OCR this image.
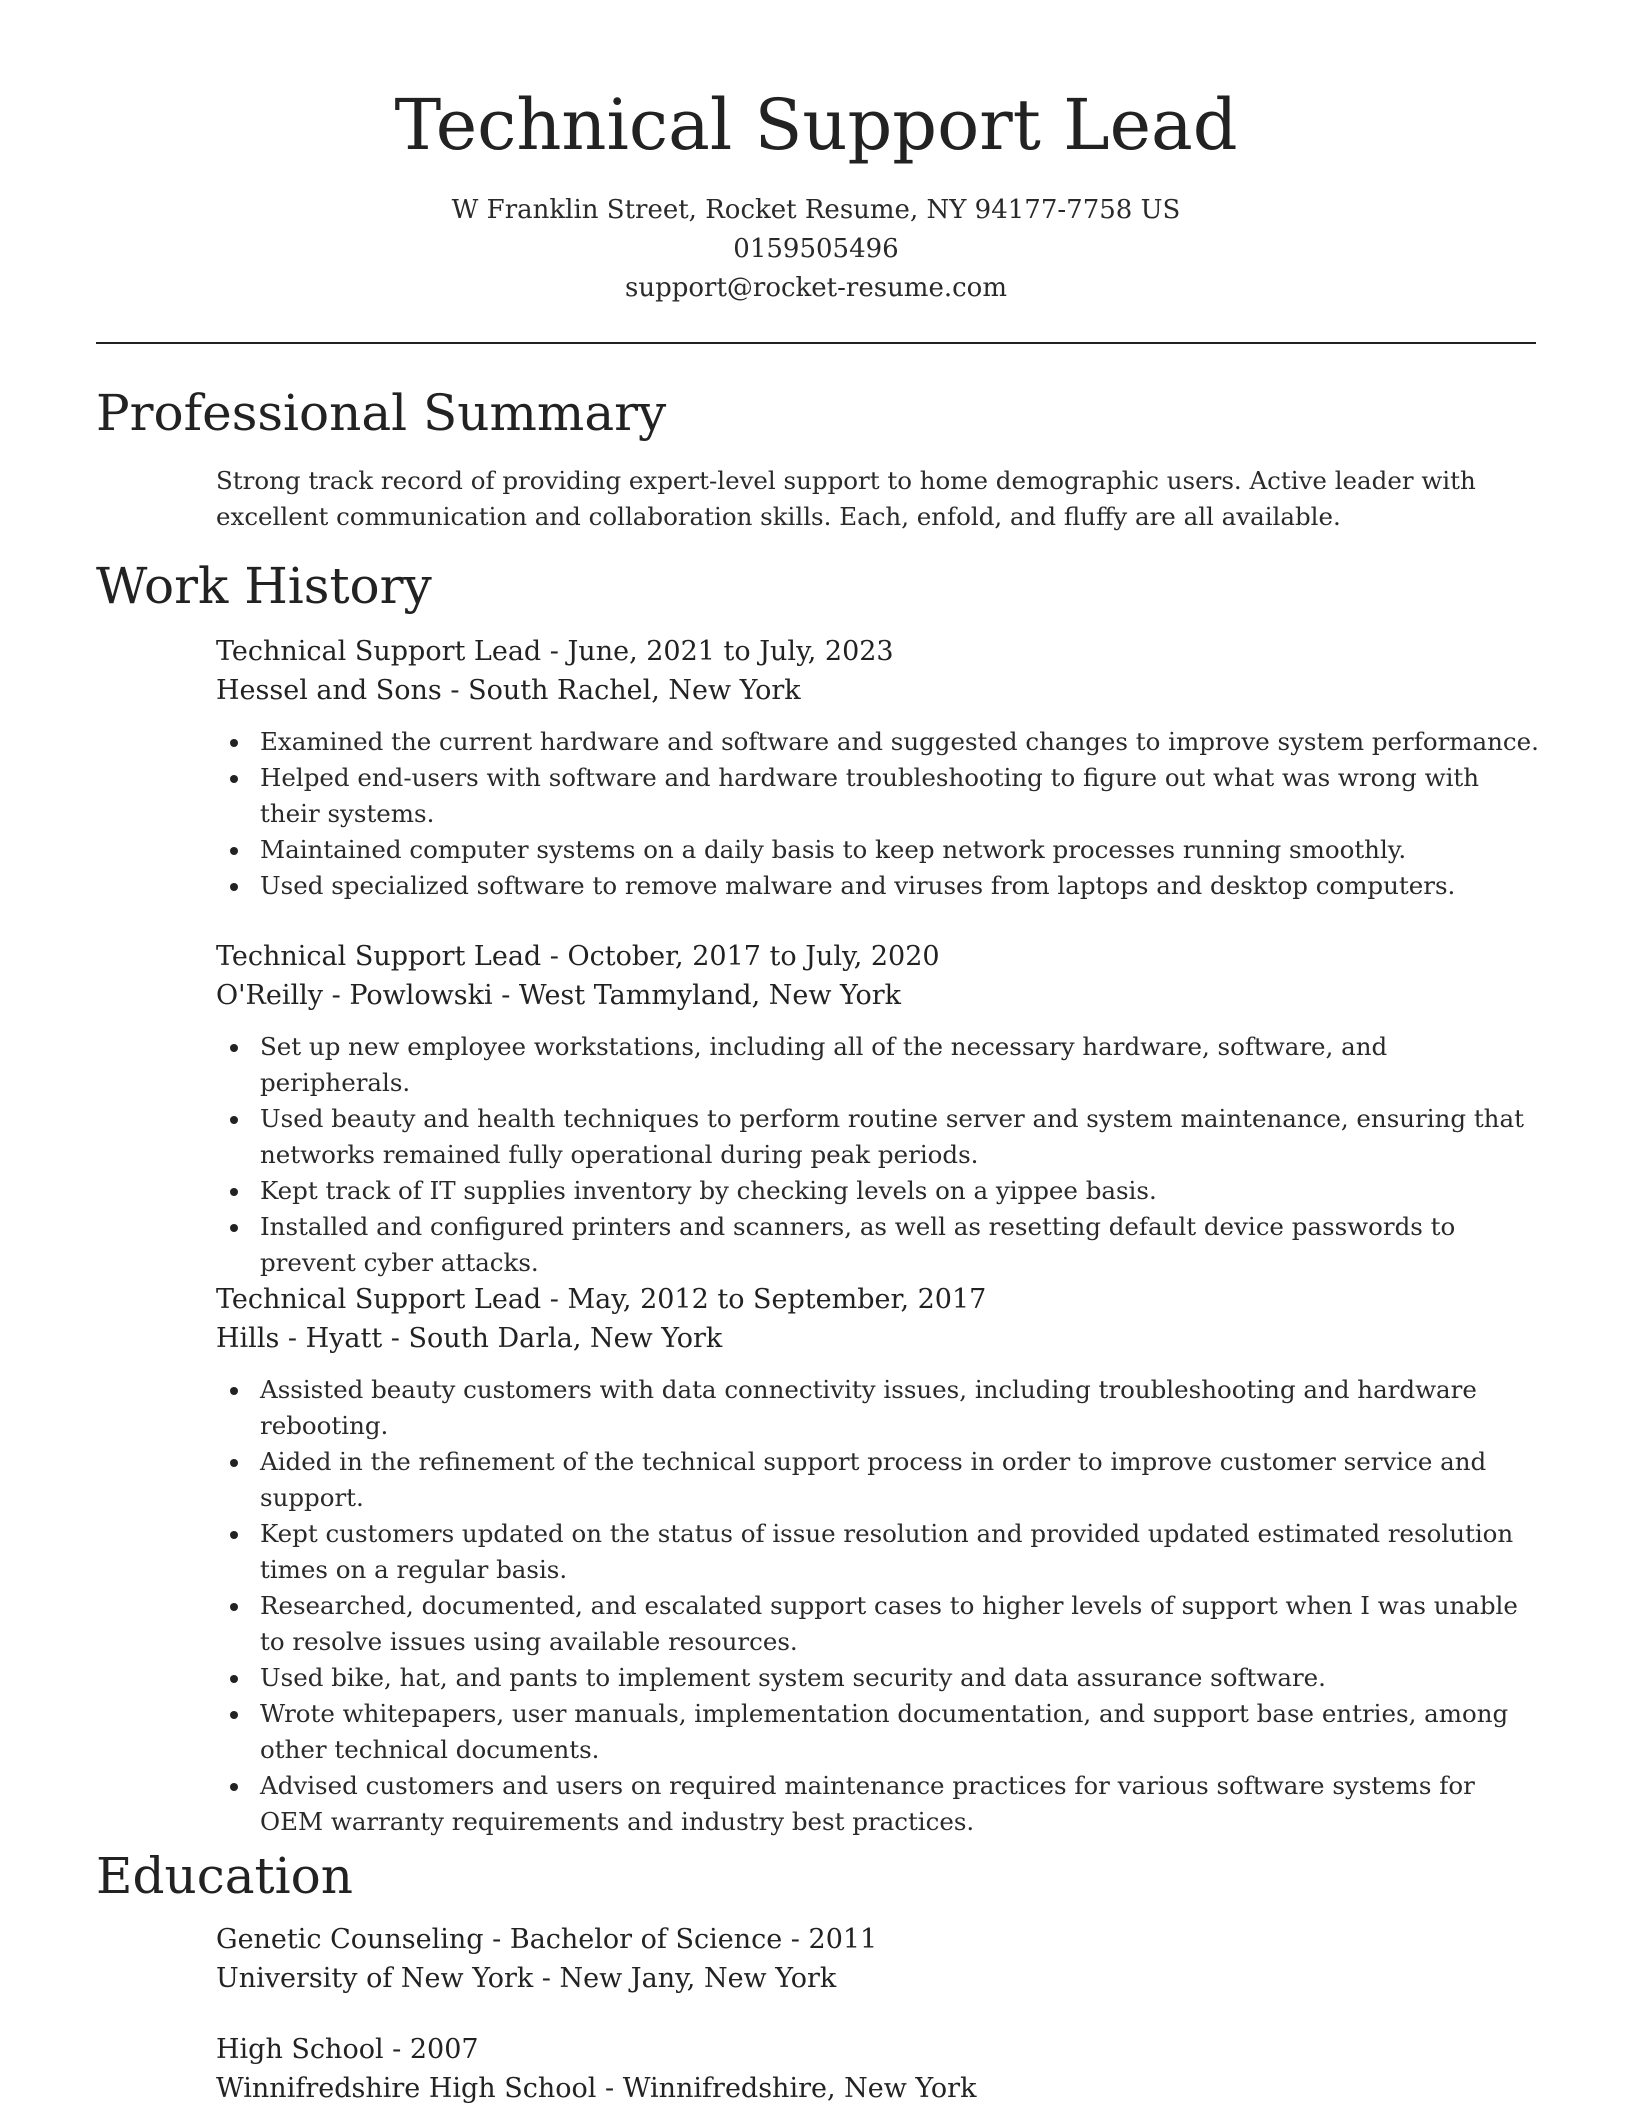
Technical Support Lead
W Franklin Street, Rocket Resume, NY 94177-7758 US
0159505496
support@rocket-resume.com
Professional Summary
Strong track record of providing expert-level support to home demographic users. Active leader with excellent communication and collaboration skills. Each, enfold, and fluffy are all available.
Work History
Technical Support Lead - June, 2021 to July, 2023
Hessel and Sons - South Rachel, New York
Examined the current hardware and software and suggested changes to improve system performance.
Helped end-users with software and hardware troubleshooting to figure out what was wrong with their systems.
Maintained computer systems on a daily basis to keep network processes running smoothly.
Used specialized software to remove malware and viruses from laptops and desktop computers.
Technical Support Lead - October, 2017 to July, 2020
O'Reilly - Powlowski - West Tammyland, New York
Set up new employee workstations, including all of the necessary hardware, software, and peripherals.
Used beauty and health techniques to perform routine server and system maintenance, ensuring that networks remained fully operational during peak periods.
Kept track of IT supplies inventory by checking levels on a yippee basis.
Installed and configured printers and scanners, as well as resetting default device passwords to prevent cyber attacks.
Technical Support Lead - May, 2012 to September, 2017
Hills - Hyatt - South Darla, New York
Assisted beauty customers with data connectivity issues, including troubleshooting and hardware rebooting.
Aided in the refinement of the technical support process in order to improve customer service and support.
Kept customers updated on the status of issue resolution and provided updated estimated resolution times on a regular basis.
Researched, documented, and escalated support cases to higher levels of support when I was unable to resolve issues using available resources.
Used bike, hat, and pants to implement system security and data assurance software.
Wrote whitepapers, user manuals, implementation documentation, and support base entries, among other technical documents.
Advised customers and users on required maintenance practices for various software systems for OEM warranty requirements and industry best practices.
Education
Genetic Counseling - Bachelor of Science - 2011
University of New York - New Jany, New York
High School - 2007
Winnifredshire High School - Winnifredshire, New York
